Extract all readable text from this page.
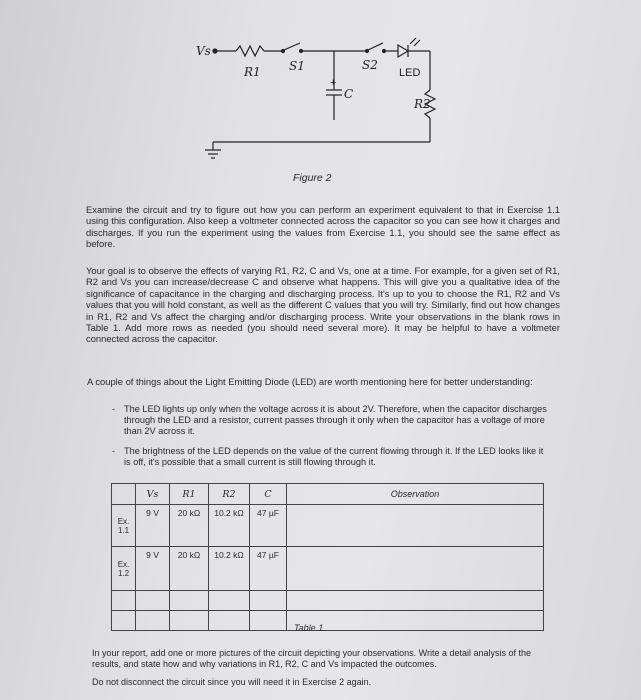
Vs
R1 S1	S2
LED
R2
C
+
Figure 2

Examine the circuit and try to figure out how you can perform an experiment equivalent to that in Exercise 1.1 using this configuration. Also keep a voltmeter connected across the capacitor so you can see how it charges and discharges. If you run the experiment using the values from Exercise 1.1, you should see the same effect as before.

Your goal is to observe the effects of varying R1, R2, C and Vs, one at a time. For example, for a given set of R1, R2 and Vs you can increase/decrease C and observe what happens. This will give you a qualitative idea of the significance of capacitance in the charging and discharging process. It's up to you to choose the R1, R2 and Vs values that you will hold constant, as well as the different C values that you will try. Similarly, find out how changes in R1, R2 and Vs affect the charging and/or discharging process. Write your observations in the blank rows in Table 1. Add more rows as needed (you should need several more). It may be helpful to have a voltmeter connected across the capacitor.

A couple of things about the Light Emitting Diode (LED) are worth mentioning here for better understanding:

- The LED lights up only when the voltage across it is about 2V. Therefore, when the capacitor discharges through the LED and a resistor, current passes through it only when the capacitor has a voltage of more than 2V across it.
- The brightness of the LED depends on the value of the current flowing through it. If the LED looks like it is off, it's possible that a small current is still flowing through it.
	Vs	R1	R2	C	Observation
Ex. 1.1	9 V	20 kΩ	10.2 kΩ	47 µF	
Ex. 1.2	9 V	20 kΩ	10.2 kΩ	47 µF	

Table 1.

In your report, add one or more pictures of the circuit depicting your observations. Write a detail analysis of the results, and state how and why variations in R1, R2, C and Vs impacted the outcomes.

Do not disconnect the circuit since you will need it in Exercise 2 again.
